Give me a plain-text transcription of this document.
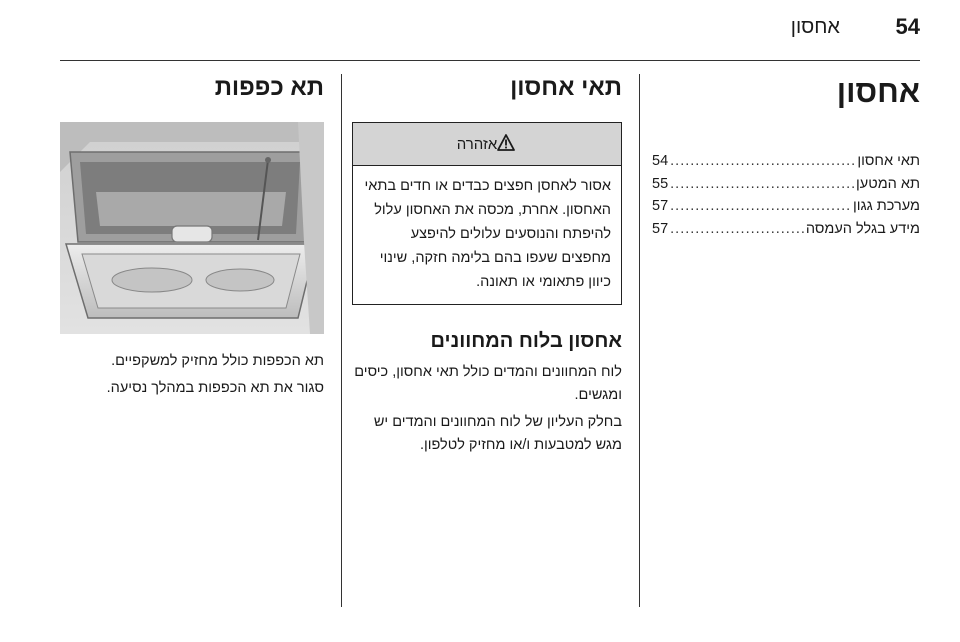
54
אחסון
אחסון
תאי אחסון
.....
54
תא המטען
.....
55
מערכת גגון
.....
57
מידע בגלל העמסה
.....
57
תאי אחסון
אזהרה
אסור לאחסן חפצים כבדים או חדים בתאי האחסון. אחרת, מכסה את האחסון עלול להיפתח והנוסעים עלולים להיפצע מחפצים שעפו בהם בלימה חזקה, שינוי כיוון פתאומי או תאונה.
אחסון בלוח המחוונים

לוח המחוונים והמדים כולל תאי אחסון, כיסים ומגשים.

בחלק העליון של לוח המחוונים והמדים יש מגש למטבעות ו/או מחזיק לטלפון.

תא כפפות

תא הכפפות כולל מחזיק למשקפיים.

סגור את תא הכפפות במהלך נסיעה.
